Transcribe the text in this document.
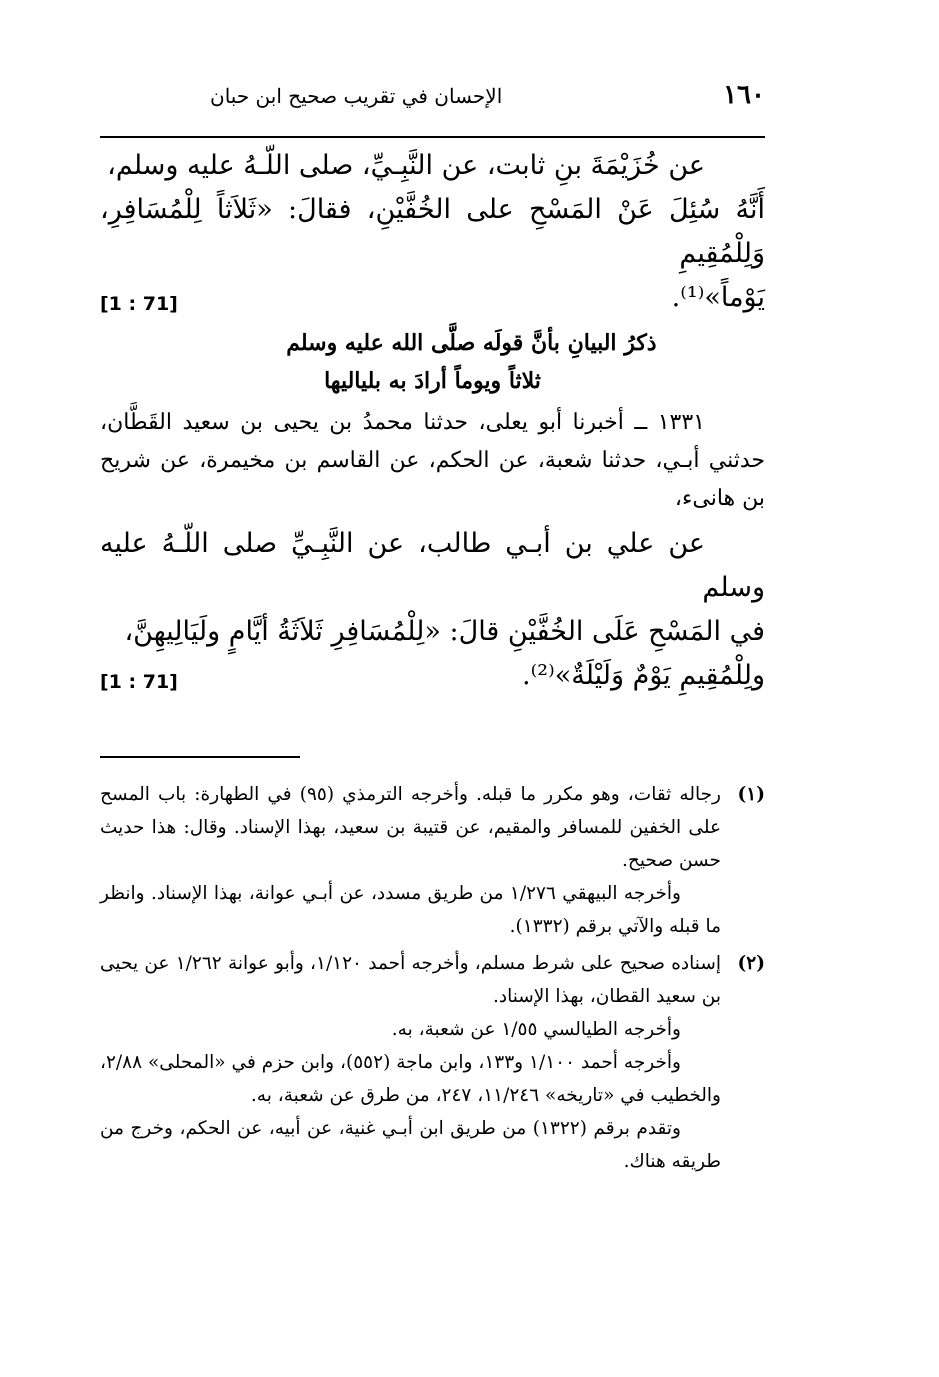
١٦٠
الإحسان في تقريب صحيح ابن حبان

عن خُزَيْمَةَ بنِ ثابت، عن النَّبِـيِّ، صلى اللّـهُ عليه وسلم،

أَنَّهُ سُئِلَ عَنْ المَسْحِ على الخُفَّيْنِ، فقالَ: «ثَلاَثاً لِلْمُسَافِرِ، وَلِلْمُقِيمِ

يَوْماً»⁽¹⁾.
[1 : 71]

ذكرُ البيانِ بأنَّ قولَه صلَّى الله عليه وسلم
ثلاثاً ويوماً أرادَ به بلياليها

١٣٣١ ــ أخبرنا أبو يعلى، حدثنا محمدُ بن يحيى بن سعيد القَطَّان، حدثني أبـي، حدثنا شعبة، عن الحكم، عن القاسم بن مخيمرة، عن شريح بن هانىء،

عن علي بن أبـي طالب، عن النَّبِـيِّ صلى اللّـهُ عليه وسلم

في المَسْحِ عَلَى الخُفَّيْنِ قالَ: «لِلْمُسَافِرِ ثَلاَثَةُ أيَّامٍ ولَيَالِيهِنَّ،

ولِلْمُقِيمِ يَوْمٌ وَلَيْلَةٌ»⁽²⁾.
[1 : 71]

(١)

رجاله ثقات، وهو مكرر ما قبله. وأخرجه الترمذي (٩٥) في الطهارة: باب المسح على الخفين للمسافر والمقيم، عن قتيبة بن سعيد، بهذا الإسناد. وقال: هذا حديث حسن صحيح.

وأخرجه البيهقي ١/٢٧٦ من طريق مسدد، عن أبـي عوانة، بهذا الإسناد. وانظر ما قبله والآتي برقم (١٣٣٢).

(٢)

إسناده صحيح على شرط مسلم، وأخرجه أحمد ١/١٢٠، وأبو عوانة ١/٢٦٢ عن يحيى بن سعيد القطان، بهذا الإسناد.

وأخرجه الطيالسي ١/٥٥ عن شعبة، به.

وأخرجه أحمد ١/١٠٠ و١٣٣، وابن ماجة (٥٥٢)، وابن حزم في «المحلى» ٢/٨٨، والخطيب في «تاريخه» ١١/٢٤٦، ٢٤٧، من طرق عن شعبة، به.

وتقدم برقم (١٣٢٢) من طريق ابن أبـي غنية، عن أبيه، عن الحكم، وخرج من طريقه هناك.
